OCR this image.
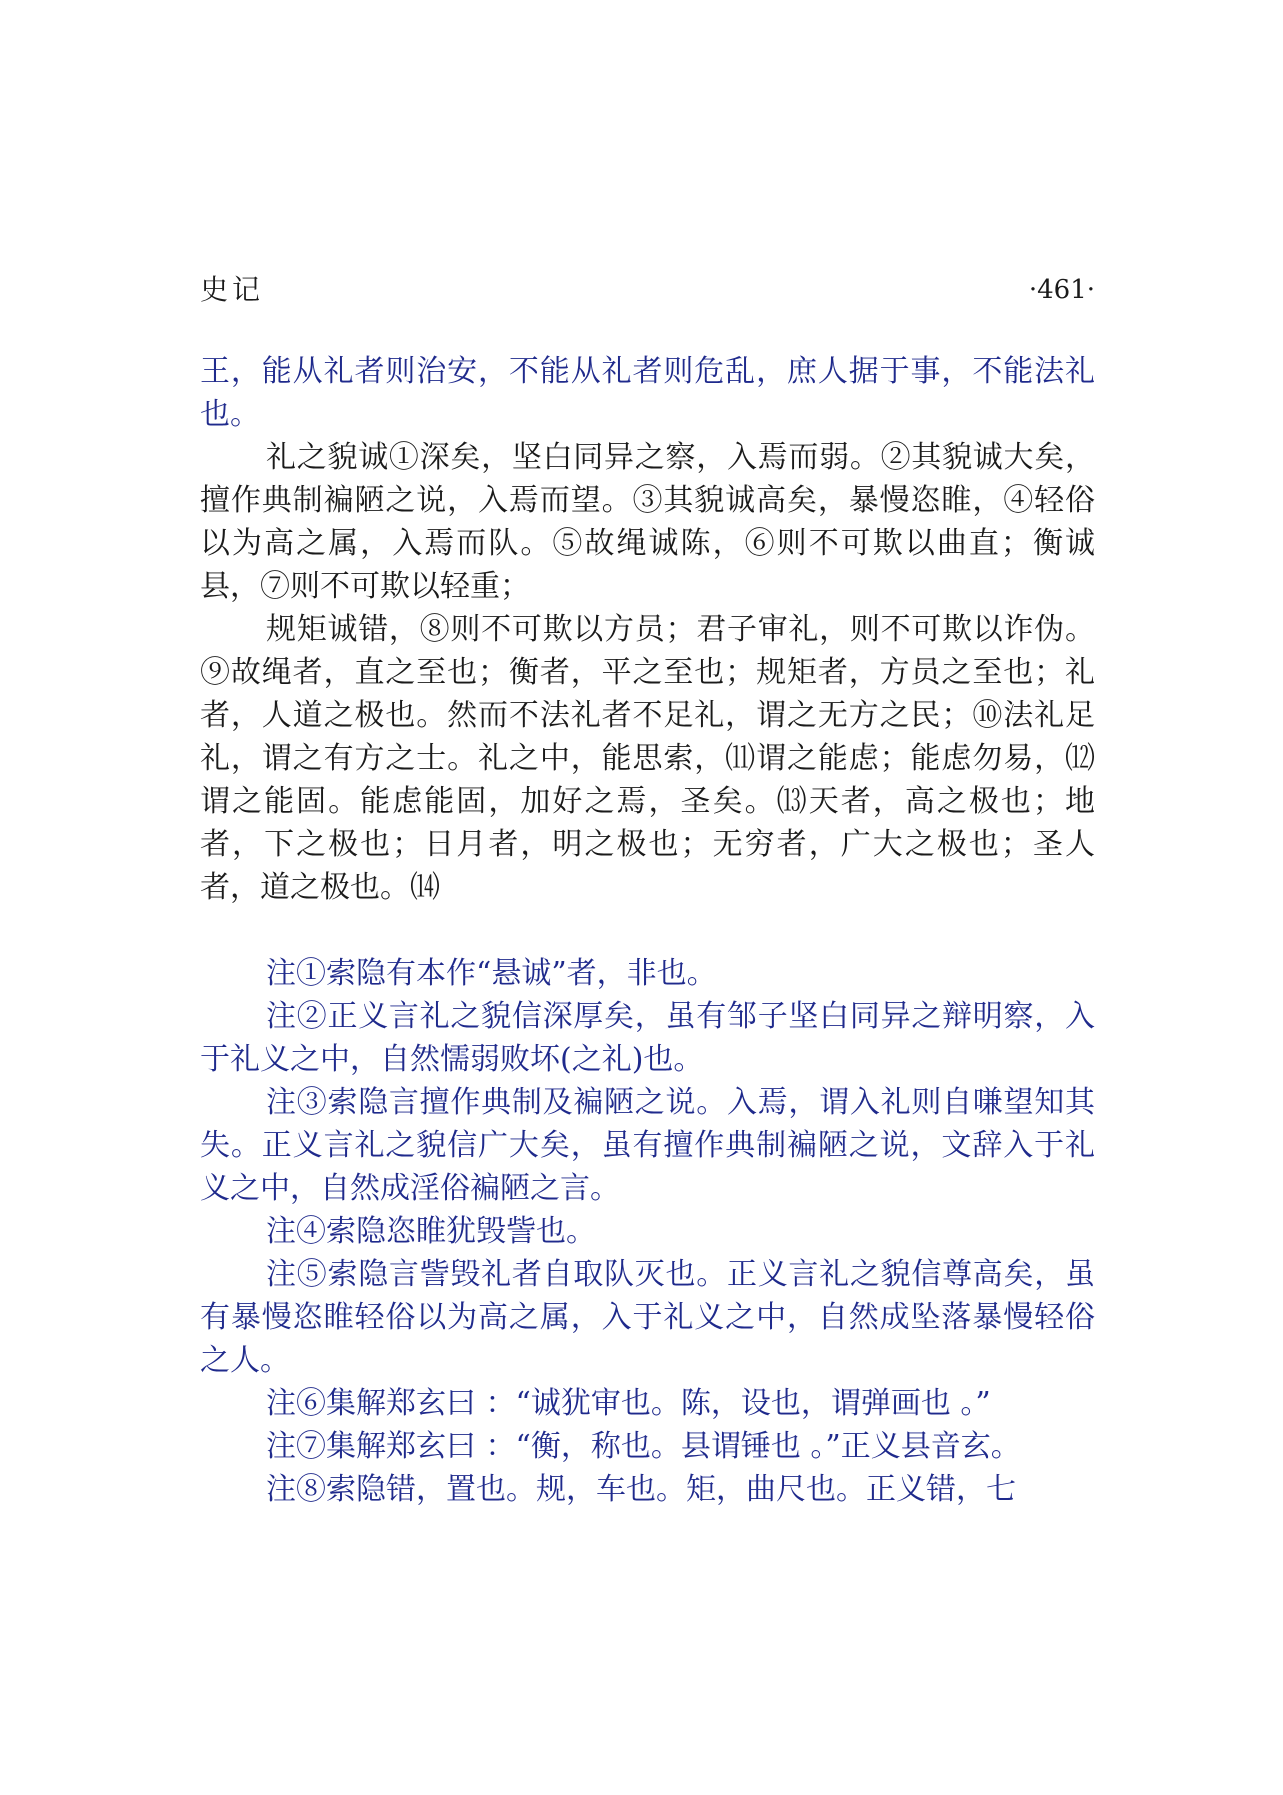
史记	·461·

王，能从礼者则治安，不能从礼者则危乱，庶人据于事，不能法礼也。

礼之貌诚①深矣，坚白同异之察，入焉而弱。②其貌诚大矣，擅作典制褊陋之说，入焉而望。③其貌诚高矣，暴慢恣睢，④轻俗以为高之属，入焉而队。⑤故绳诚陈，⑥则不可欺以曲直；衡诚县，⑦则不可欺以轻重；

规矩诚错，⑧则不可欺以方员；君子审礼，则不可欺以诈伪。⑨故绳者，直之至也；衡者，平之至也；规矩者，方员之至也；礼者，人道之极也。然而不法礼者不足礼，谓之无方之民；⑩法礼足礼，谓之有方之士。礼之中，能思索，⑾谓之能虑；能虑勿易，⑿谓之能固。能虑能固，加好之焉，圣矣。⒀天者，高之极也；地者，下之极也；日月者，明之极也；无穷者，广大之极也；圣人者，道之极也。⒁

注①索隐有本作“悬诚”者，非也。

注②正义言礼之貌信深厚矣，虽有邹子坚白同异之辩明察，入于礼义之中，自然懦弱败坏(之礼)也。

注③索隐言擅作典制及褊陋之说。入焉，谓入礼则自嗛望知其失。正义言礼之貌信广大矣，虽有擅作典制褊陋之说，文辞入于礼义之中，自然成淫俗褊陋之言。

注④索隐恣睢犹毁訾也。

注⑤索隐言訾毁礼者自取队灭也。正义言礼之貌信尊高矣，虽有暴慢恣睢轻俗以为高之属，入于礼义之中，自然成坠落暴慢轻俗之人。

注⑥集解郑玄曰 ：“诚犹审也。陈，设也，谓弹画也 。”

注⑦集解郑玄曰 ：“衡，称也。县谓锤也 。”正义县音玄。

注⑧索隐错，置也。规，车也。矩，曲尺也。正义错，七
